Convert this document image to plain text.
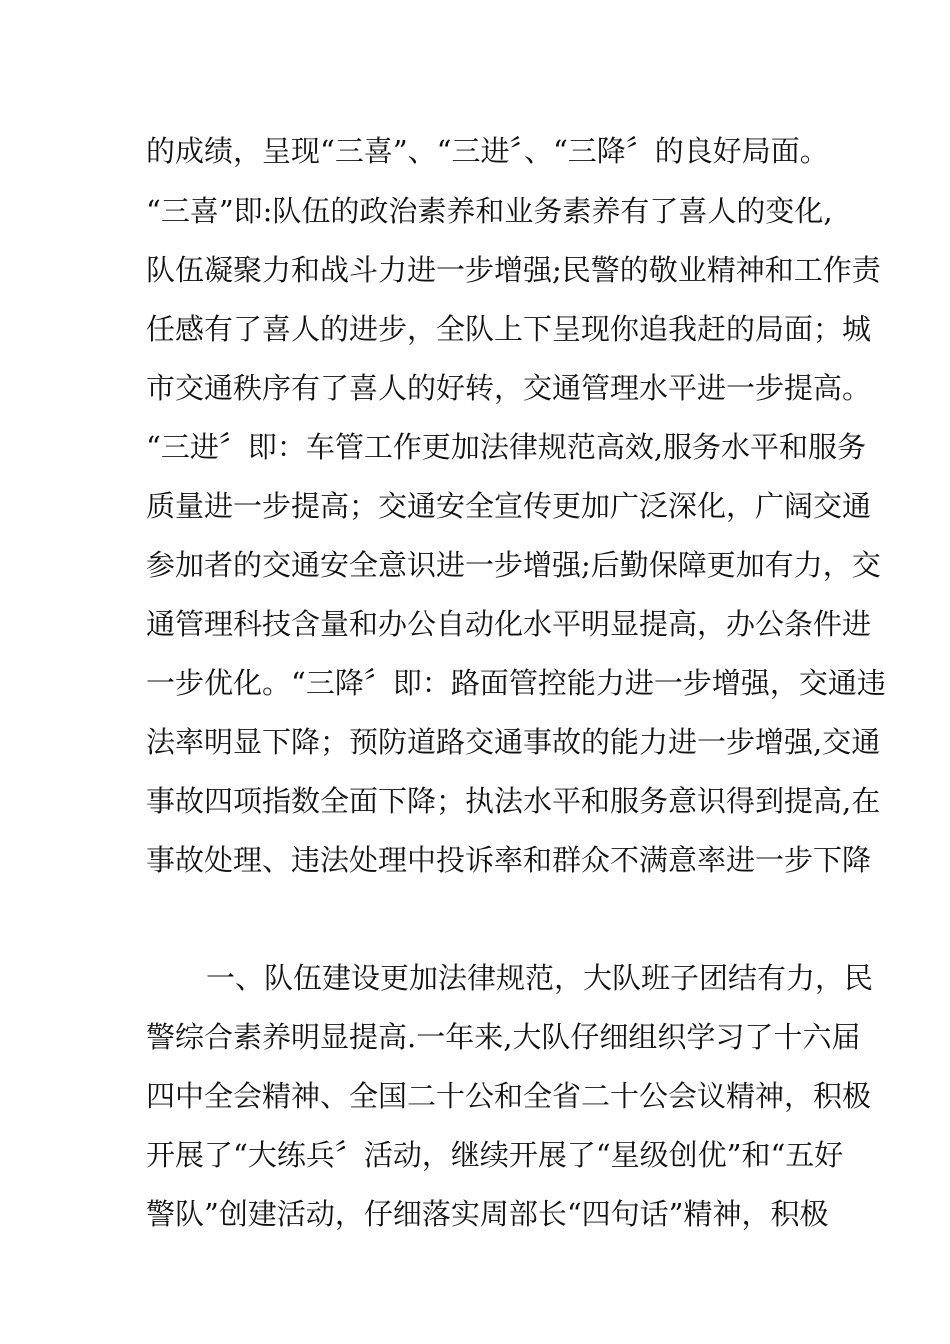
的成绩，呈现“三喜”、“三进〞、“三降〞的良好局面。
“三喜”即:队伍的政治素养和业务素养有了喜人的变化,
队伍凝聚力和战斗力进一步增强;民警的敬业精神和工作责
任感有了喜人的进步，全队上下呈现你追我赶的局面；城
市交通秩序有了喜人的好转，交通管理水平进一步提高。
“三进〞即：车管工作更加法律规范高效,服务水平和服务
质量进一步提高；交通安全宣传更加广泛深化，广阔交通
参加者的交通安全意识进一步增强;后勤保障更加有力，交
通管理科技含量和办公自动化水平明显提高，办公条件进
一步优化。“三降〞即：路面管控能力进一步增强，交通违
法率明显下降；预防道路交通事故的能力进一步增强,交通
事故四项指数全面下降；执法水平和服务意识得到提高,在
事故处理、违法处理中投诉率和群众不满意率进一步下降
一、队伍建设更加法律规范，大队班子团结有力，民
警综合素养明显提高.一年来,大队仔细组织学习了十六届
四中全会精神、全国二十公和全省二十公会议精神，积极
开展了“大练兵〞活动，继续开展了“星级创优”和“五好
警队”创建活动，仔细落实周部长“四句话”精神，积极
